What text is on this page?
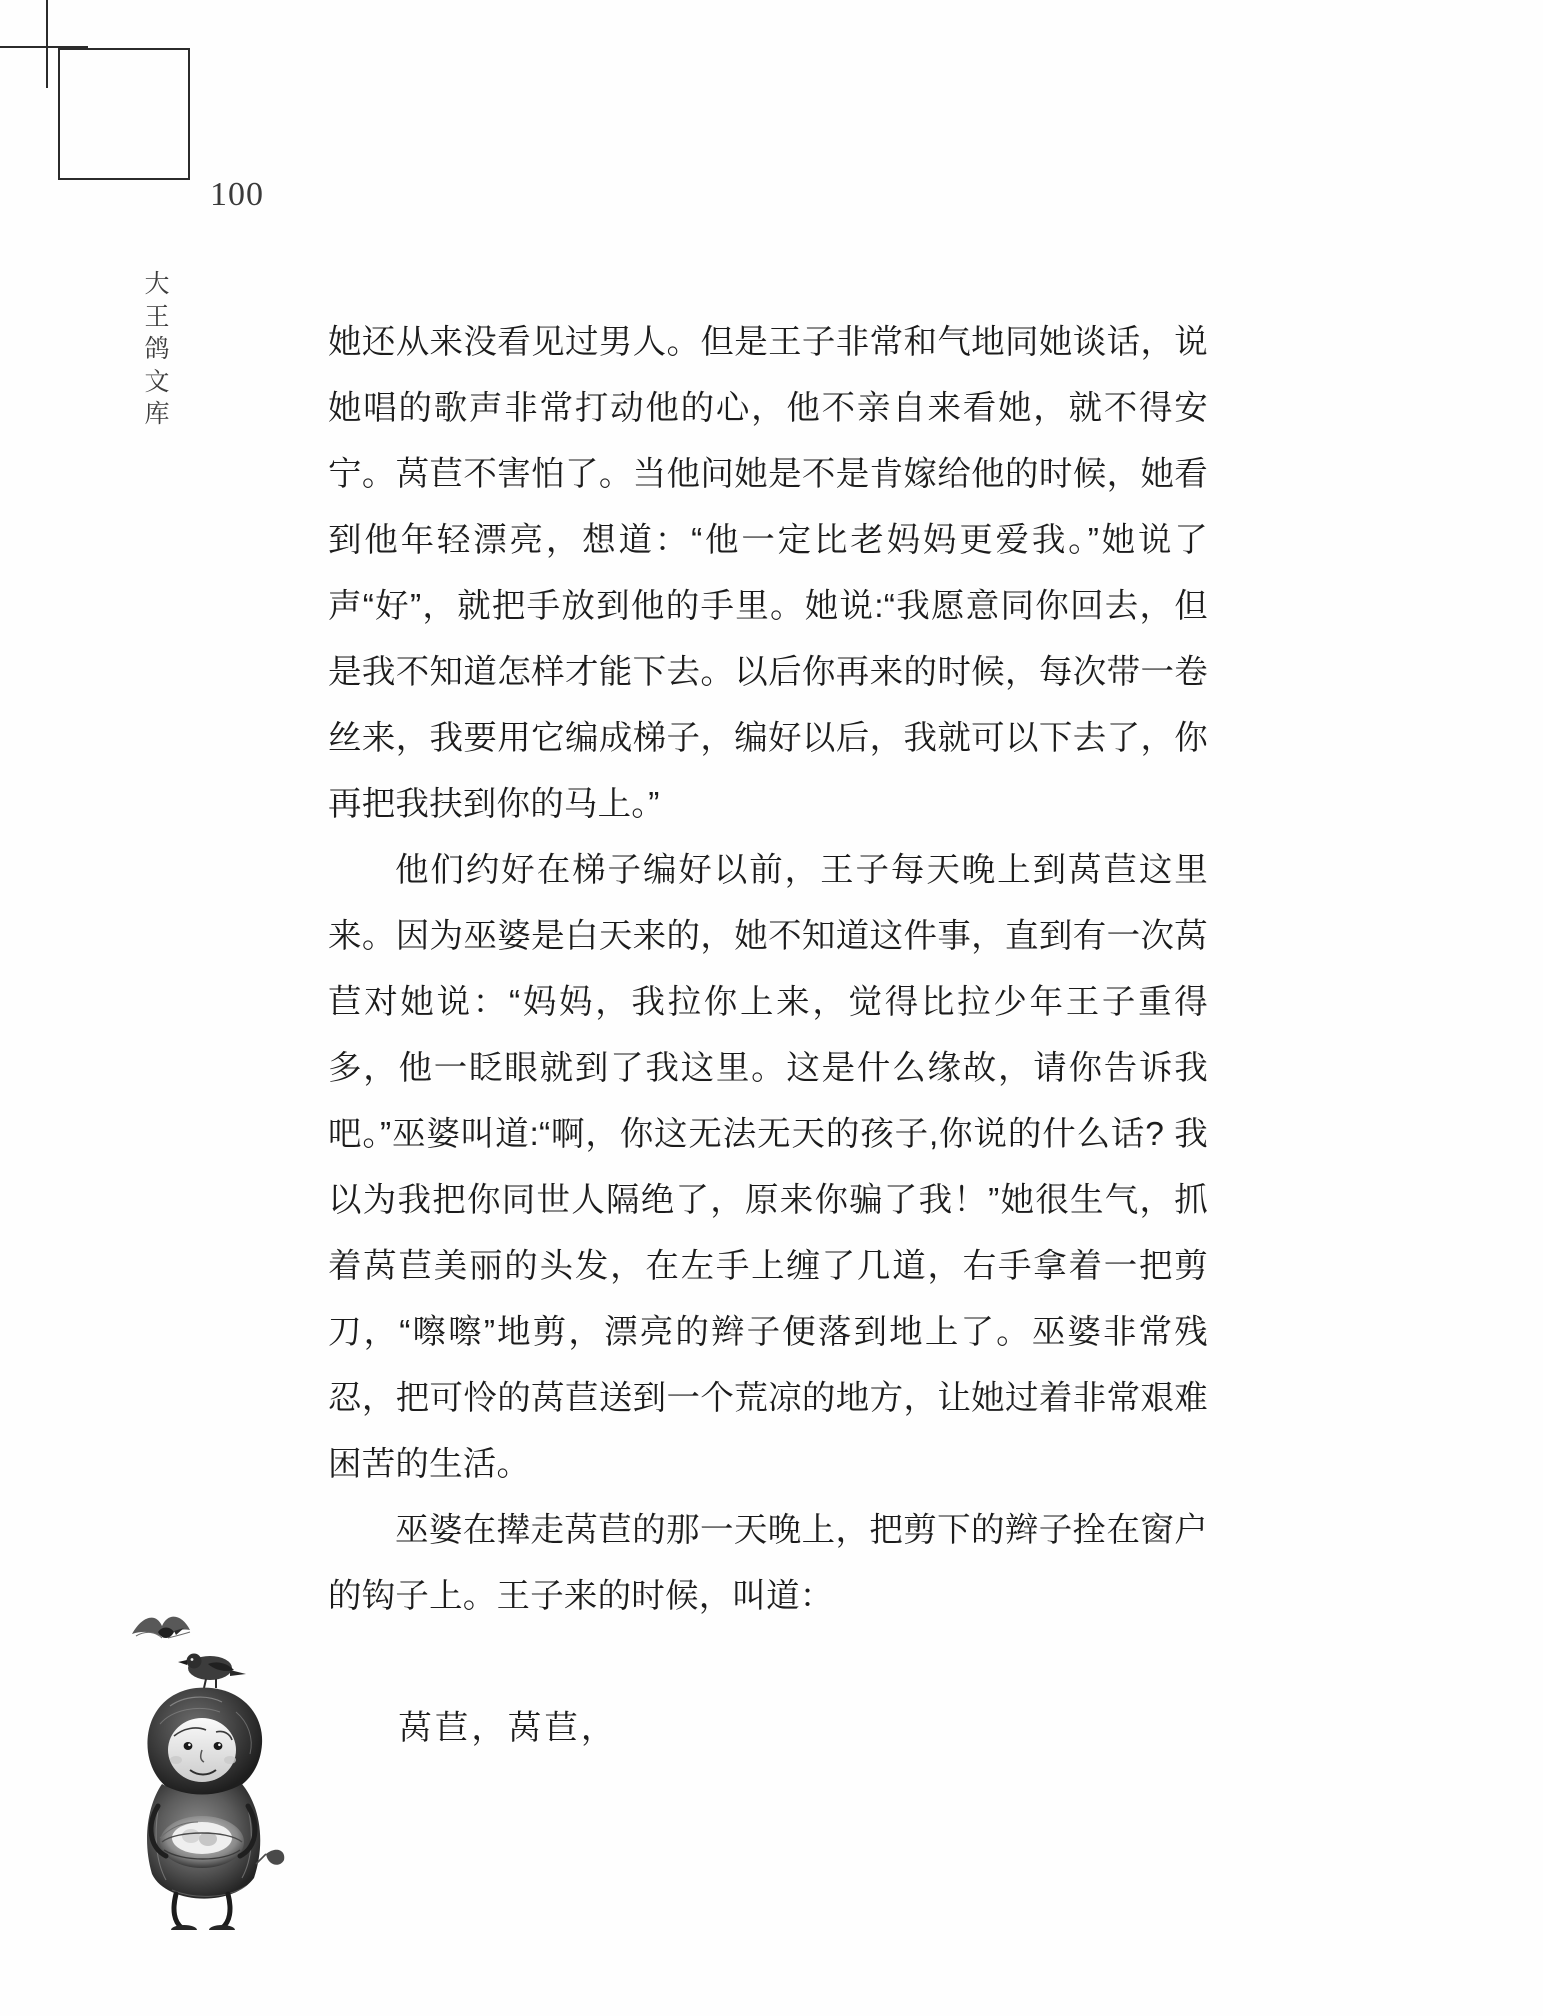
100
大王鸽文库

她还从来没看见过男人。但是王子非常和气地同她谈话，说她唱的歌声非常打动他的心，他不亲自来看她，就不得安宁。莴苣不害怕了。当他问她是不是肯嫁给他的时候，她看到他年轻漂亮，想道：“他一定比老妈妈更爱我。”她说了声“好”，就把手放到他的手里。她说:“我愿意同你回去，但是我不知道怎样才能下去。以后你再来的时候，每次带一卷丝来，我要用它编成梯子，编好以后，我就可以下去了，你再把我扶到你的马上。”

他们约好在梯子编好以前，王子每天晚上到莴苣这里来。因为巫婆是白天来的，她不知道这件事，直到有一次莴苣对她说：“妈妈，我拉你上来，觉得比拉少年王子重得多，他一眨眼就到了我这里。这是什么缘故，请你告诉我吧。”巫婆叫道:“啊，你这无法无天的孩子,你说的什么话? 我以为我把你同世人隔绝了，原来你骗了我！”她很生气，抓着莴苣美丽的头发，在左手上缠了几道，右手拿着一把剪刀，“嚓嚓”地剪，漂亮的辫子便落到地上了。巫婆非常残忍，把可怜的莴苣送到一个荒凉的地方，让她过着非常艰难困苦的生活。

巫婆在撵走莴苣的那一天晚上，把剪下的辫子拴在窗户的钩子上。王子来的时候，叫道：

莴苣，莴苣，
